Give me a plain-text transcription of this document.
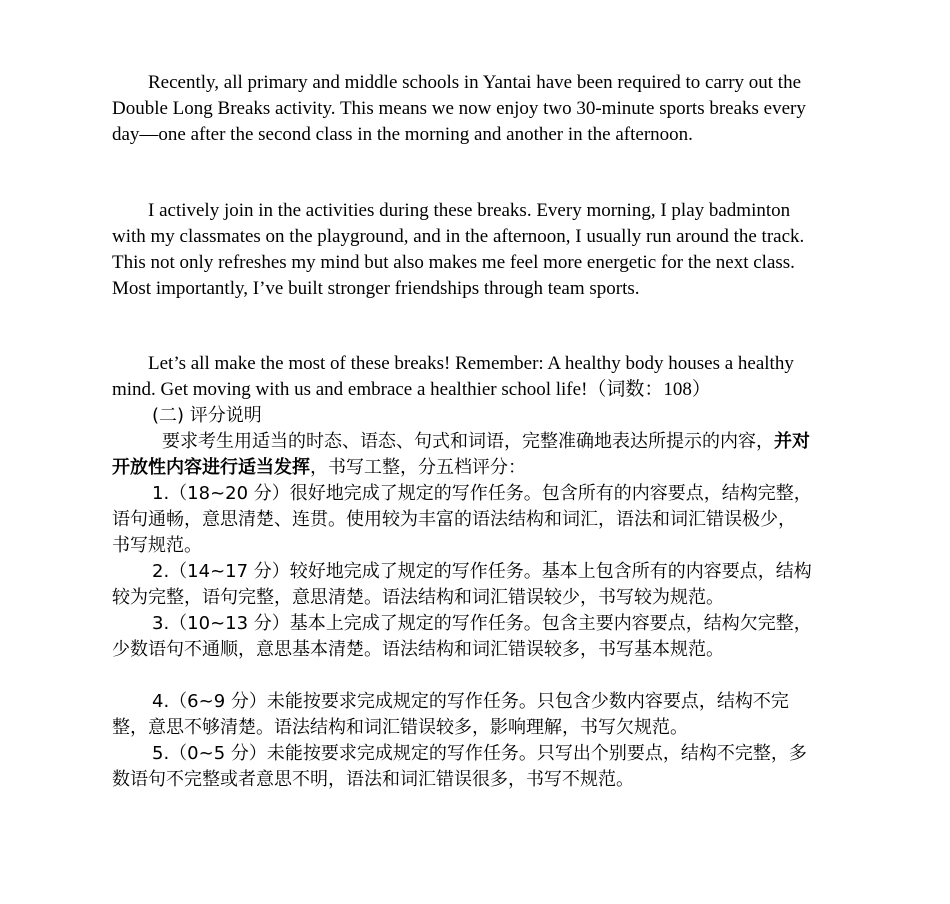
Recently, all primary and middle schools in Yantai have been required to carry out the Double Long Breaks activity. This means we now enjoy two 30-minute sports breaks every day—one after the second class in the morning and another in the afternoon.

I actively join in the activities during these breaks. Every morning, I play badminton with my classmates on the playground, and in the afternoon, I usually run around the track. This not only refreshes my mind but also makes me feel more energetic for the next class. Most importantly, I’ve built stronger friendships through team sports.

Let’s all make the most of these breaks! Remember: A healthy body houses a healthy mind. Get moving with us and embrace a healthier school life!（词数：108）

(二) 评分说明

要求考生用适当的时态、语态、句式和词语，完整准确地表达所提示的内容，并对开放性内容进行适当发挥，书写工整，分五档评分：

1.（18~20 分）很好地完成了规定的写作任务。包含所有的内容要点，结构完整，语句通畅，意思清楚、连贯。使用较为丰富的语法结构和词汇，语法和词汇错误极少，书写规范。

2.（14~17 分）较好地完成了规定的写作任务。基本上包含所有的内容要点，结构较为完整，语句完整，意思清楚。语法结构和词汇错误较少，书写较为规范。

3.（10~13 分）基本上完成了规定的写作任务。包含主要内容要点，结构欠完整，少数语句不通顺，意思基本清楚。语法结构和词汇错误较多，书写基本规范。

4.（6~9 分）未能按要求完成规定的写作任务。只包含少数内容要点，结构不完整，意思不够清楚。语法结构和词汇错误较多，影响理解，书写欠规范。

5.（0~5 分）未能按要求完成规定的写作任务。只写出个别要点，结构不完整，多数语句不完整或者意思不明，语法和词汇错误很多，书写不规范。
